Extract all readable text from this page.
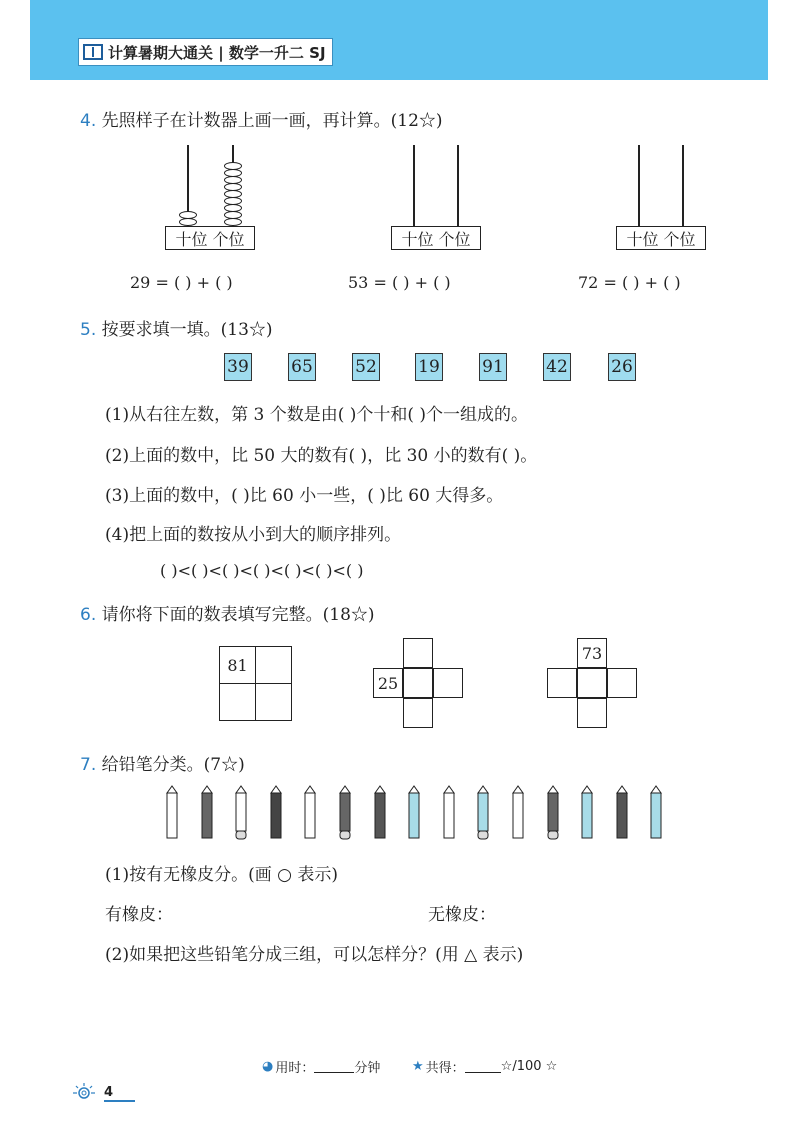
计算暑期大通关 | 数学一升二 SJ
4. 先照样子在计数器上画一画，再计算。(12☆)
十位
个位	十位
个位	十位
个位
29 = ( ) + ( )	53 = ( ) + ( )	72 = ( ) + ( )
5. 按要求填一填。(13☆)
39 65 52 19 91 42	26
(1)从右往左数，第 3 个数是由( )个十和( )个一组成的。
(2)上面的数中，比 50 大的数有( )，比 30 小的数有( )。
(3)上面的数中，( )比 60 小一些，( )比 60 大得多。
(4)把上面的数按从小到大的顺序排列。
( )<( )<( )<( )<( )<( )<( )
6. 请你将下面的数表填写完整。(18☆)
81
25
73
7. 给铅笔分类。(7☆)
(1)按有无橡皮分。(画 ○ 表示)
有橡皮：	无橡皮：
(2)如果把这些铅笔分成三组，可以怎样分？(用 △ 表示)
◕ 用时：	分钟 ★ 共得：	☆/100 ☆
4
